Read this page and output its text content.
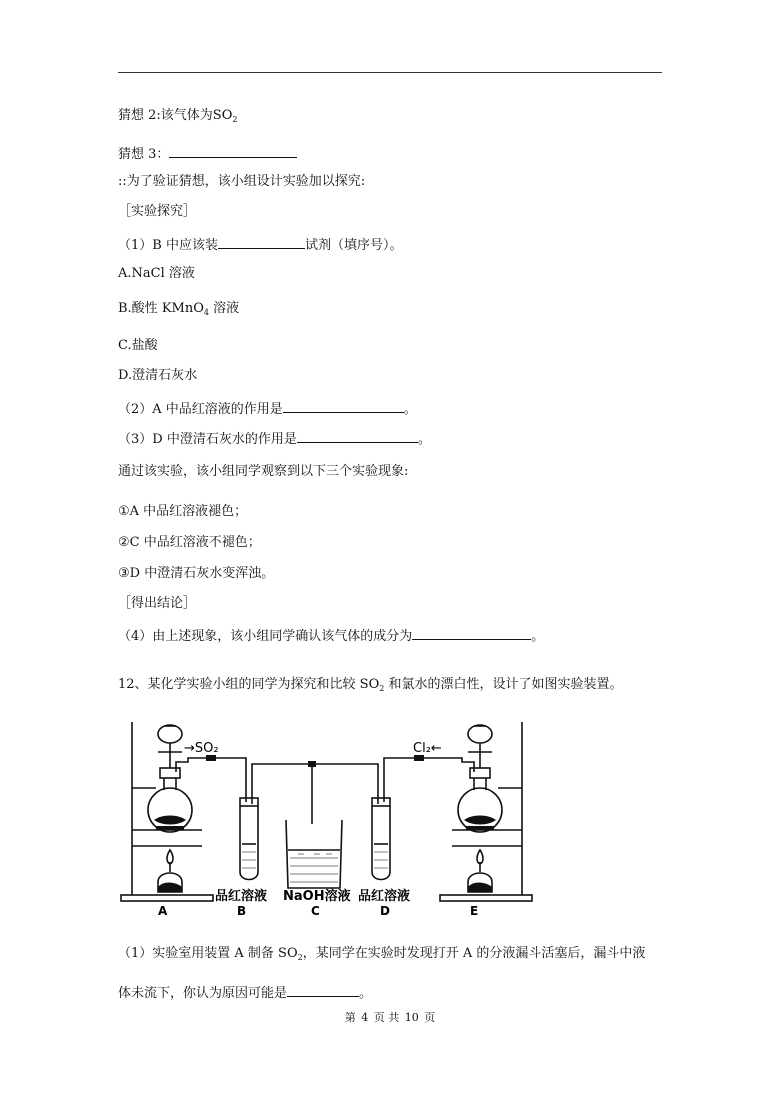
猜想 2:该气体为$SO_2$
猜想 3：
::为了验证猜想，该小组设计实验加以探究:
［实验探究］
（1）B 中应该装	试剂（填序号）。
A.NaCl 溶液
B.酸性 KMnO$_4$ 溶液
C.盐酸
D.澄清石灰水
（2）A 中品红溶液的作用是	。
（3）D 中澄清石灰水的作用是	。
通过该实验，该小组同学观察到以下三个实验现象:
①A 中品红溶液褪色；
②C 中品红溶液不褪色；
③D 中澄清石灰水变浑浊。
［得出结论］
（4）由上述现象，该小组同学确认该气体的成分为	。
12、某化学实验小组的同学为探究和比较 $SO_2$ 和氯水的漂白性，设计了如图实验装置。
→SO₂	Cl₂←
品红溶液 NaOH溶液 品红溶液
A	B	C	D	E
（1）实验室用装置 A 制备 $SO_2$，某同学在实验时发现打开 A 的分液漏斗活塞后，漏斗中液
体未流下，你认为原因可能是	。
第 4 页 共 10 页
